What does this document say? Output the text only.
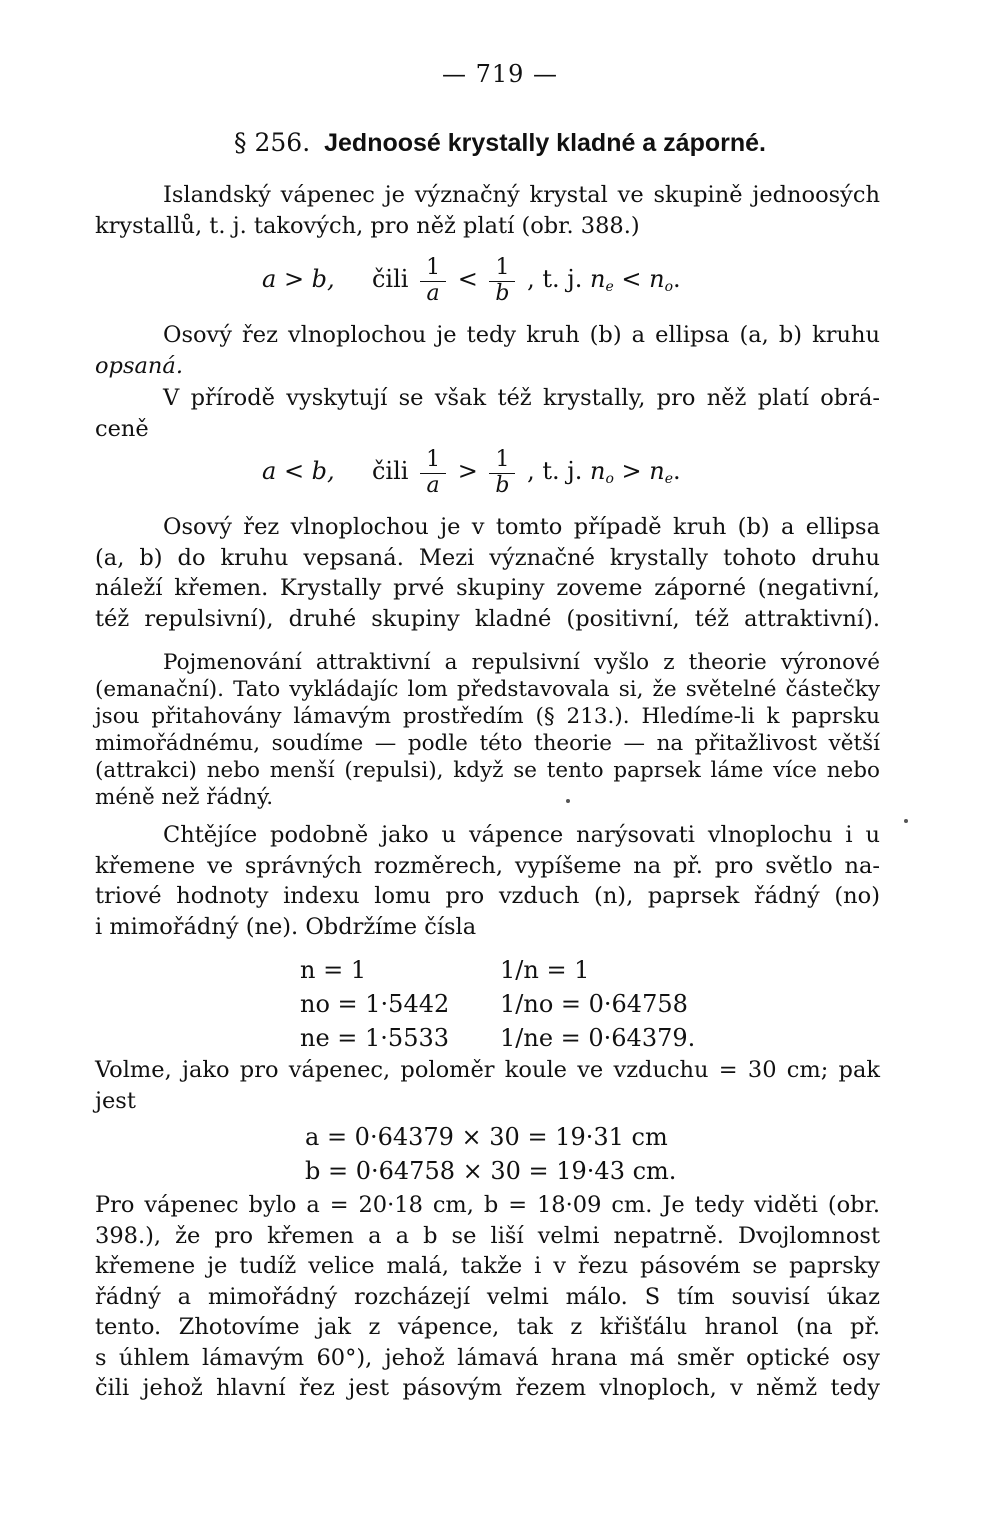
— 719 —
§ 256. Jednoosé krystally kladné a záporné.
Islandský vápenec je význačný krystal ve skupině jednoosých
krystallů, t. j. takových, pro něž platí (obr. 388.)
a > b, čili $\frac{1}{a} < \frac{1}{b}$ , t. j. $n_e < n_o$.
Osový řez vlnoplochou je tedy kruh (b) a ellipsa (a, b) kruhu
opsaná.
V přírodě vyskytují se však též krystally, pro něž platí obrá-
ceně
a < b, čili $\frac{1}{a} > \frac{1}{b}$ , t. j. $n_o > n_e$.
Osový řez vlnoplochou je v tomto případě kruh (b) a ellipsa
(a, b) do kruhu vepsaná. Mezi význačné krystally tohoto druhu
náleží křemen. Krystally prvé skupiny zoveme záporné (negativní,
též repulsivní), druhé skupiny kladné (positivní, též attraktivní).
Pojmenování attraktivní a repulsivní vyšlo z theorie výronové
(emanační). Tato vykládajíc lom představovala si, že světelné částečky
jsou přitahovány lámavým prostředím (§ 213.). Hledíme-li k paprsku
mimořádnému, soudíme — podle této theorie — na přitažlivost větší
(attrakci) nebo menší (repulsi), když se tento paprsek láme více nebo
méně než řádný.
Chtějíce podobně jako u vápence narýsovati vlnoplochu i u
křemene ve správných rozměrech, vypíšeme na př. pro světlo na-
triové hodnoty indexu lomu pro vzduch (n), paprsek řádný (no)
i mimořádný (ne). Obdržíme čísla
n = 1	1/n = 1
no = 1·5442 1/no = 0·64758
ne = 1·5533 1/ne = 0·64379.
Volme, jako pro vápenec, poloměr koule ve vzduchu = 30 cm; pak
jest
a = 0·64379 × 30 = 19·31 cm
b = 0·64758 × 30 = 19·43 cm.
Pro vápenec bylo a = 20·18 cm, b = 18·09 cm. Je tedy viděti (obr.
398.), že pro křemen a a b se liší velmi nepatrně. Dvojlomnost
křemene je tudíž velice malá, takže i v řezu pásovém se paprsky
řádný a mimořádný rozcházejí velmi málo. S tím souvisí úkaz
tento. Zhotovíme jak z vápence, tak z křišťálu hranol (na př.
s úhlem lámavým 60°), jehož lámavá hrana má směr optické osy
čili jehož hlavní řez jest pásovým řezem vlnoploch, v němž tedy
